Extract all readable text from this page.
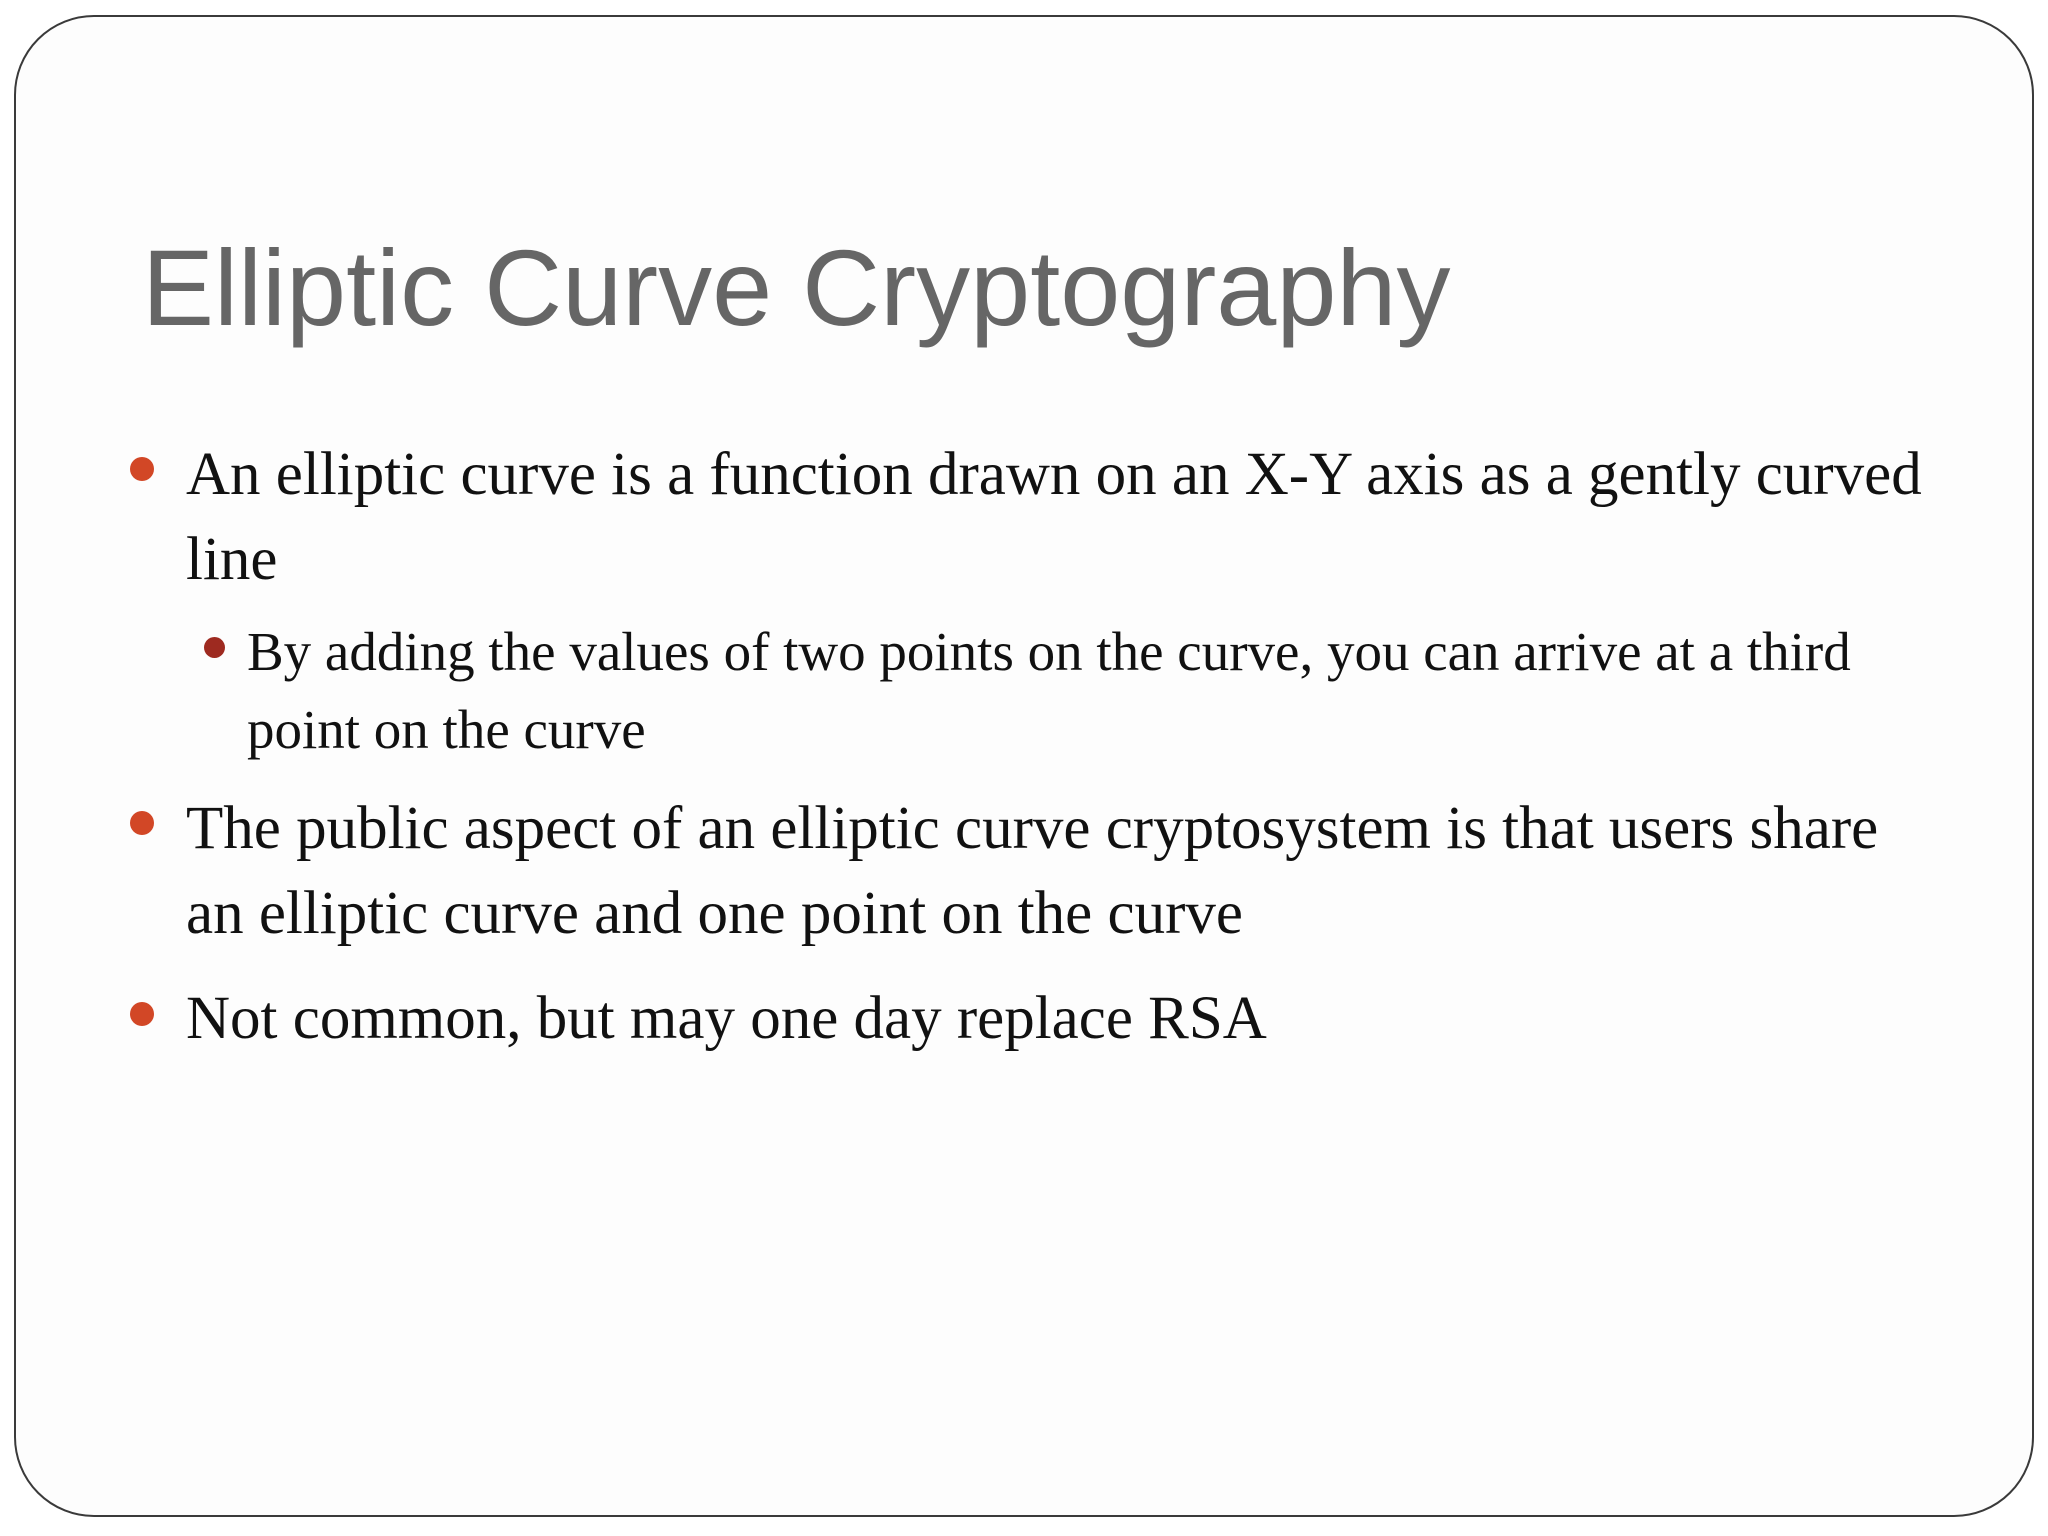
Elliptic Curve Cryptography

An elliptic curve is a function drawn on an X-Y axis as a gently curved line

By adding the values of two points on the curve, you can arrive at a third point on the curve

The public aspect of an elliptic curve cryptosystem is that users share an elliptic curve and one point on the curve

Not common, but may one day replace RSA
